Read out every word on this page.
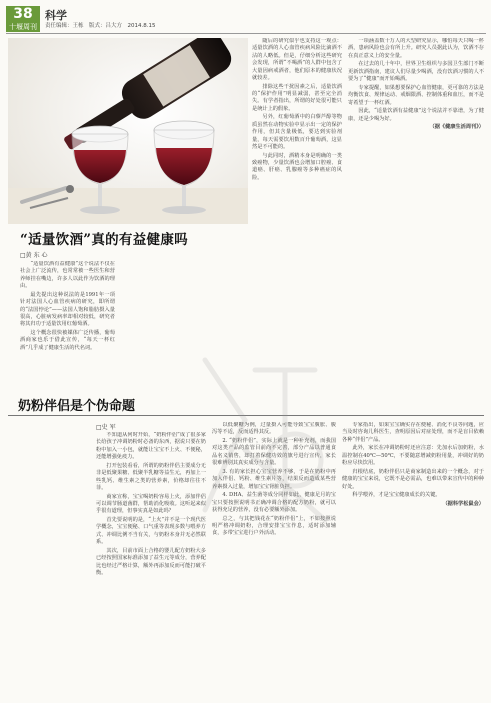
38
十堰周刊
科学
责任编辑：王栋　版式：吕大方　2014.8.15
“适量饮酒”真的有益健康吗
□黄 东 心

“适量饮酒有益健康”这个说法不仅在社会上广泛流传，也常常被一些医生和营养师挂在嘴边，许多人以此作为饮酒的理由。

最先提出这种说法的是1991年一项针对法国人心血管疾病的研究，即所谓的“法国悖论”——法国人饱和脂肪摄入量很高，心脏病发病率却相对较低，研究者将其归功于适量饮用红葡萄酒。

这个概念很快被媒体广泛传播，葡萄酒商家也乐于借此宣传，“每天一杯红酒”几乎成了健康生活的代名词。

随后的研究似乎也支持这一观点：适量饮酒的人心血管疾病风险比滴酒不沾的人略低。但是，仔细分析这些研究会发现，所谓“不喝酒”的人群中包含了大量因病戒酒者，他们原本的健康状况就较差。

排除这些干扰因素之后，适量饮酒的“保护作用”明显减弱，甚至完全消失。有学者指出，所谓的好处很可能只是统计上的假象。

另外，红葡萄酒中的白藜芦醇等物质虽然在动物实验中显示出一定的保护作用，但其含量极低，要达到实验剂量，每天需要饮用数百升葡萄酒，这显然是不可能的。

与此同时，酒精本身是明确的一类致癌物，少量饮酒也会增加口腔癌、食道癌、肝癌、乳腺癌等多种癌症的风险。

一项涵盖数十万人的大型研究显示，哪怕每天只喝一杯酒，患病风险也会有所上升。研究人员据此认为，饮酒不存在真正意义上的安全量。

在过去的几十年中，世界卫生组织与多国卫生部门不断更新饮酒指南，建议人们尽量少喝酒，没有饮酒习惯的人不要为了“健康”而开始喝酒。

专家提醒，如果想要保护心血管健康，更可靠的方法是均衡饮食、规律运动、戒烟限酒、控制体重和血压，而不是寄希望于一杯红酒。

因此，“适量饮酒有益健康”这个说法并不靠谱，为了健康，还是少喝为好。

（据《健康生活周刊》）

奶粉伴侣是个伪命题
□史 军

不知道从何时开始，“奶粉伴侣”成了很多家长给孩子冲调奶粉时必备的东西，据说只要在奶粉中加入一小包，就能让宝宝不上火、不便秘，还能增强免疫力。

打开包装看看，所谓的奶粉伴侣主要成分无非是低聚果糖、低聚半乳糖等益生元，再加上一些乳钙、维生素之类的营养素，价格却往往不菲。

商家宣称，宝宝喝奶粉容易上火，添加伴侣可以调节肠道菌群，帮助消化吸收。这听起来似乎很有道理，但事实真是如此吗？

首先要说明的是，“上火”并不是一个现代医学概念，宝宝便秘、口气重等表现多数与喂养方式、冲调比例不当有关，与奶粉本身并无必然联系。

其次，目前市面上合格的婴儿配方奶粉大多已经按照国家标准添加了益生元等成分，营养配比也经过严格计算，额外再添加反而可能打破平衡。

以低聚糖为例，过量摄入可能导致宝宝腹胀、腹泻等不适，反而适得其反。

2. “奶粉伴侣”，实际上就是一种补充剂，而我国对这类产品的监管目前尚不完善，部分产品以普通食品名义销售，却打着保健功效的旗号进行宣传，家长很难辨别其真实成分与含量。

3. 有的家长担心宝宝营养不够，于是在奶粉中再加入伴侣、钙粉、维生素片等，结果反而造成某些营养素摄入过量，增加宝宝肾脏负担。

4. DHA、益生菌等成分同样如此，健康足月的宝宝只要按照说明书正确冲调合格的配方奶粉，就可以获得充足的营养，没有必要额外添加。

总之，与其把钱花在“奶粉伴侣”上，不如按照说明严格冲调奶粉，合理安排宝宝作息，适时添加辅食，多带宝宝进行户外活动。

专家指出，如果宝宝确实存在便秘、消化不良等问题，应当及时咨询儿科医生，查明原因后对症处理，而不是盲目依赖各种“伴侣”产品。

此外，家长在冲调奶粉时还应注意：先加水后加奶粉，水温控制在40℃—50℃，不要随意增减奶粉用量，冲调好的奶粉应尽快饮用。

归根结底，奶粉伴侣只是商家制造出来的一个概念，对于健康的宝宝来说，它既不是必需品，也难以带来宣传中的种种好处。

科学喂养，才是宝宝健康成长的关键。

（据科学松鼠会）
